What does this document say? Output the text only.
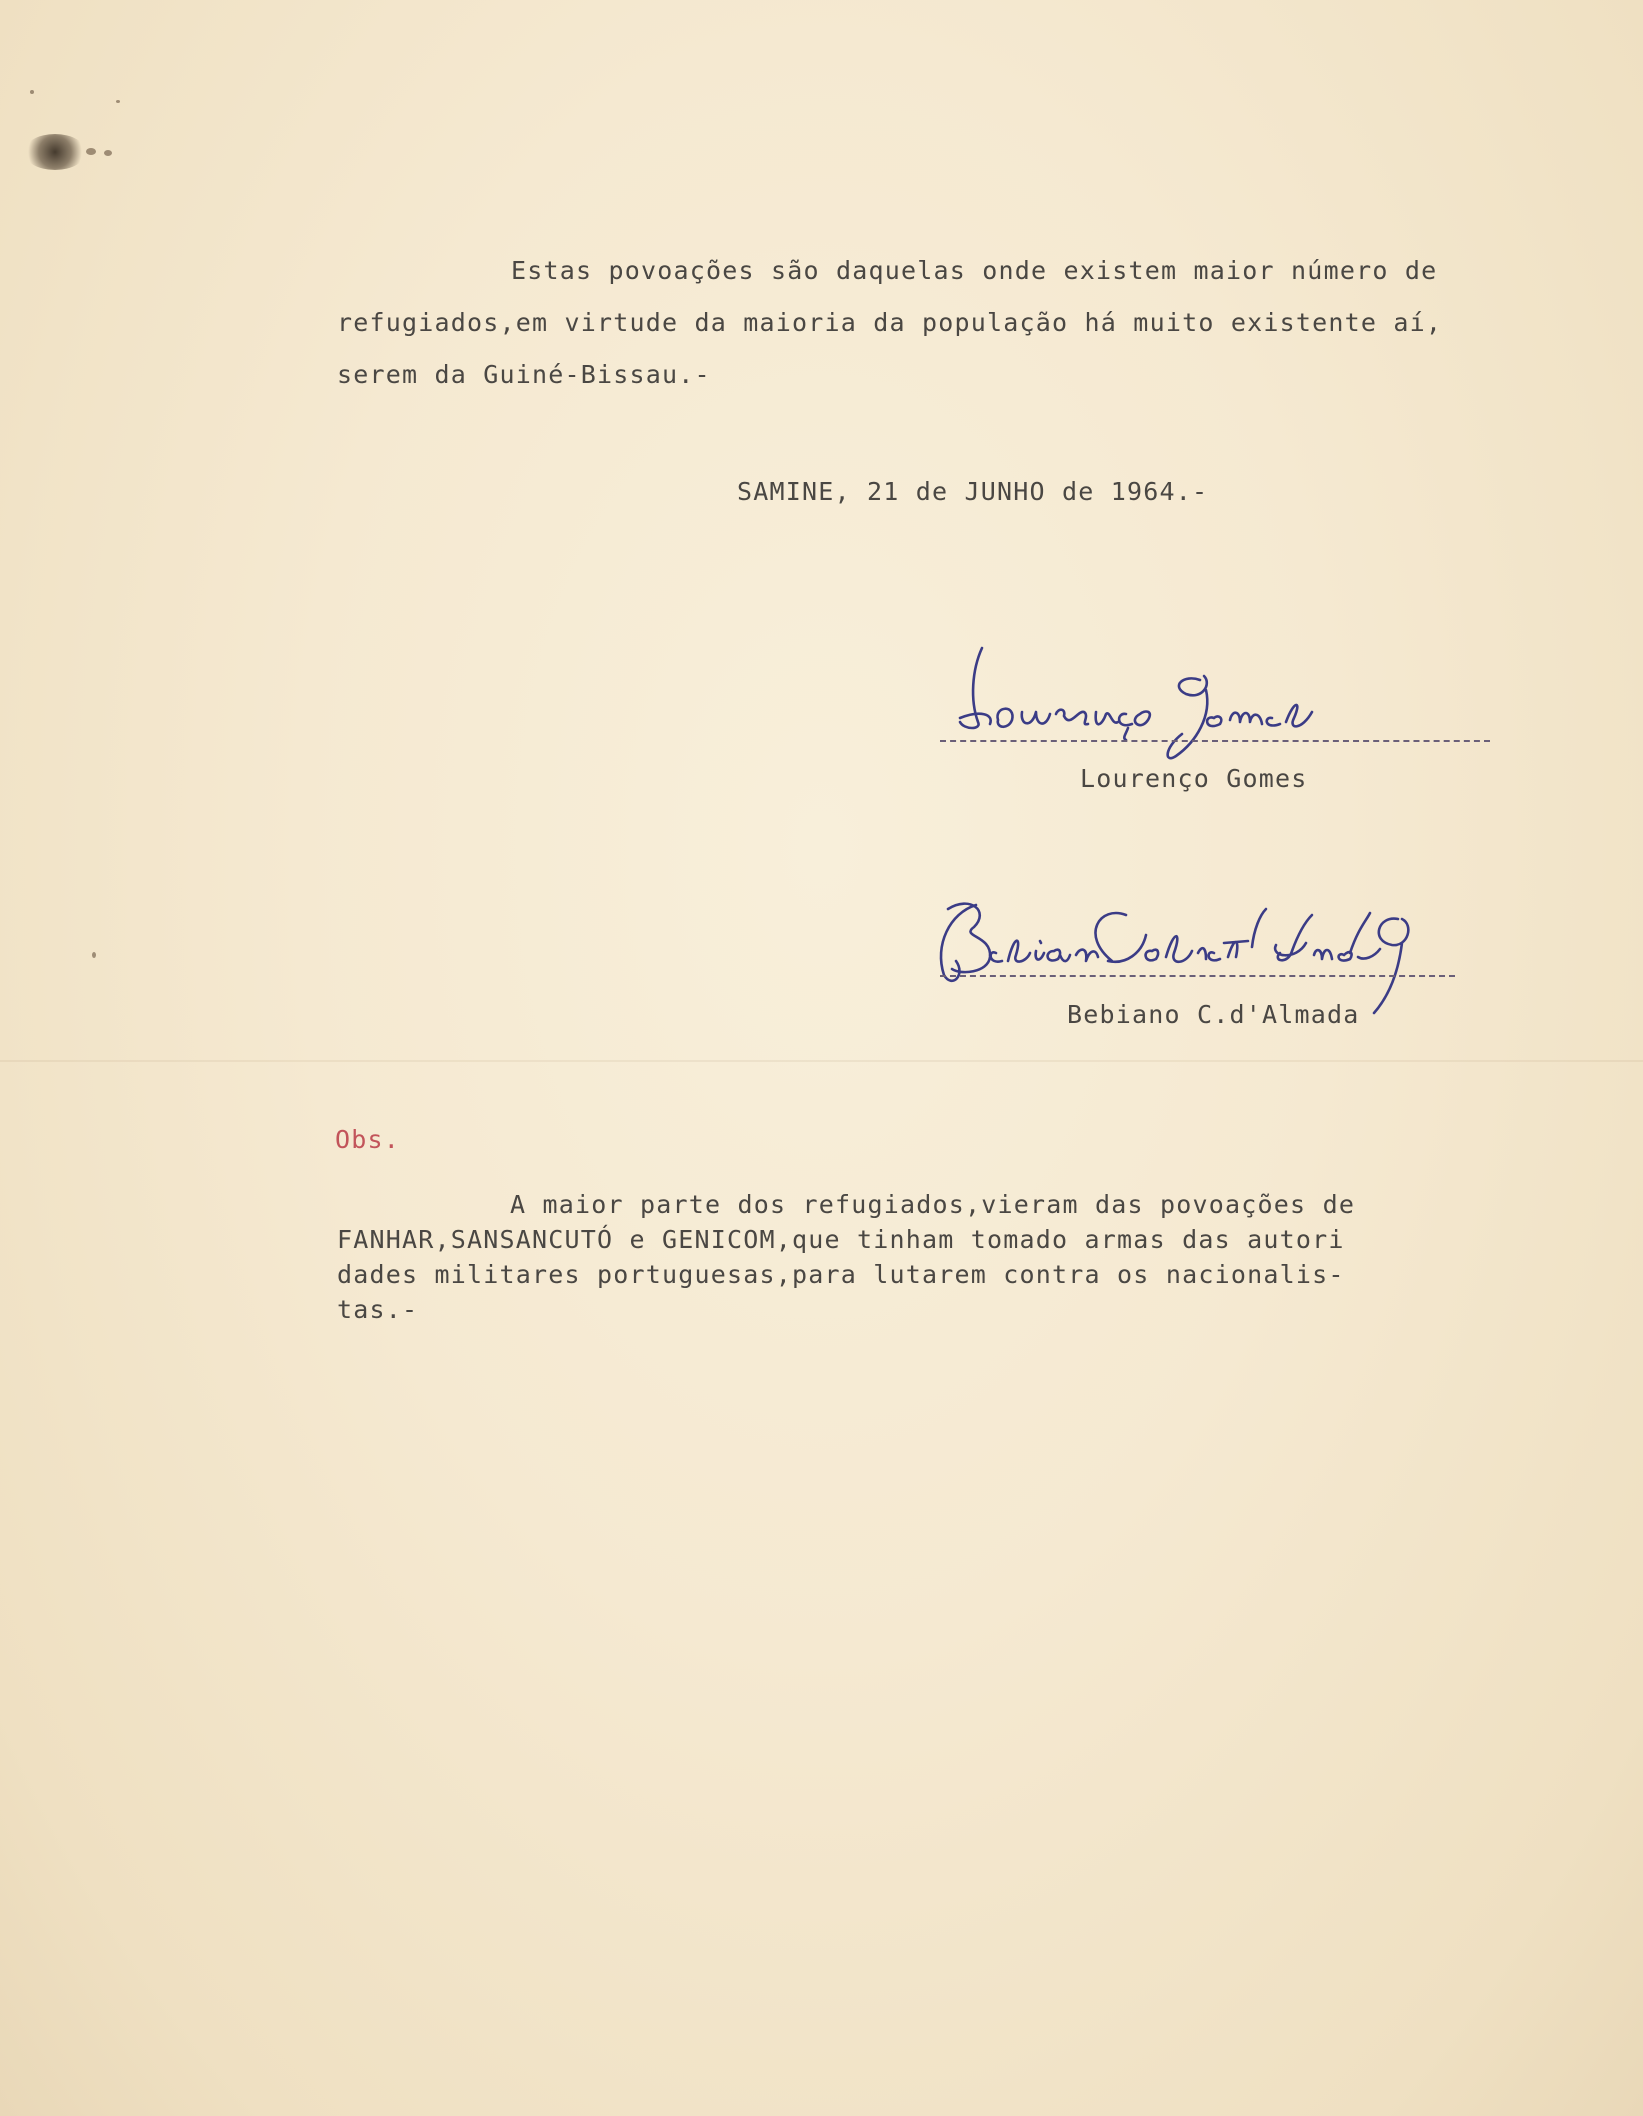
Estas povoações são daquelas onde existem maior número de

refugiados,em virtude da maioria da população há muito existente aí,

serem da Guiné-Bissau.-

SAMINE, 21 de JUNHO de 1964.-

Lourenço Gomes

Bebiano C.d'Almada

Obs.

A maior parte dos refugiados,vieram das povoações de

FANHAR,SANSANCUTÓ e GENICOM,que tinham tomado armas das autori

dades militares portuguesas,para lutarem contra os nacionalis-

tas.-
